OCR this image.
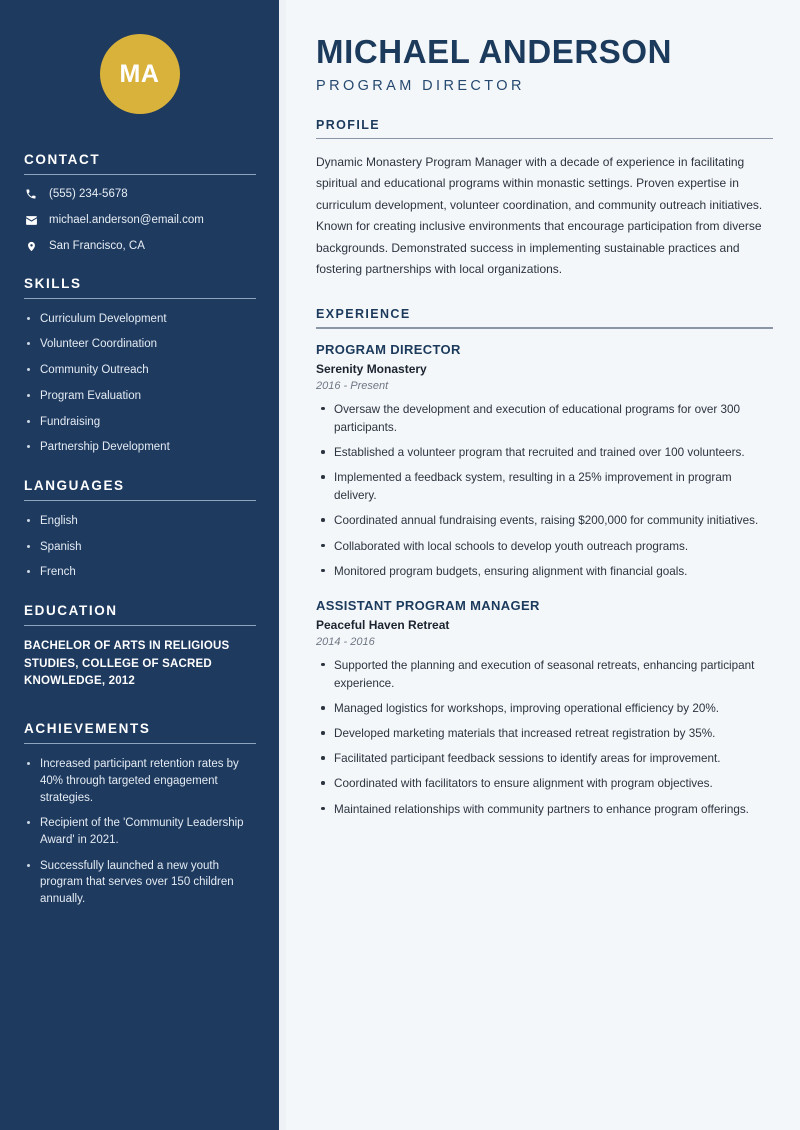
MA
CONTACT
(555) 234-5678
michael.anderson@email.com
San Francisco, CA
SKILLS
Curriculum Development
Volunteer Coordination
Community Outreach
Program Evaluation
Fundraising
Partnership Development
LANGUAGES
English
Spanish
French
EDUCATION
BACHELOR OF ARTS IN RELIGIOUS STUDIES, COLLEGE OF SACRED KNOWLEDGE, 2012
ACHIEVEMENTS
Increased participant retention rates by 40% through targeted engagement strategies.
Recipient of the 'Community Leadership Award' in 2021.
Successfully launched a new youth program that serves over 150 children annually.
MICHAEL ANDERSON
PROGRAM DIRECTOR
PROFILE

Dynamic Monastery Program Manager with a decade of experience in facilitating spiritual and educational programs within monastic settings. Proven expertise in curriculum development, volunteer coordination, and community outreach initiatives. Known for creating inclusive environments that encourage participation from diverse backgrounds. Demonstrated success in implementing sustainable practices and fostering partnerships with local organizations.

EXPERIENCE
PROGRAM DIRECTOR
Serenity Monastery
2016 - Present
Oversaw the development and execution of educational programs for over 300 participants.
Established a volunteer program that recruited and trained over 100 volunteers.
Implemented a feedback system, resulting in a 25% improvement in program delivery.
Coordinated annual fundraising events, raising $200,000 for community initiatives.
Collaborated with local schools to develop youth outreach programs.
Monitored program budgets, ensuring alignment with financial goals.
ASSISTANT PROGRAM MANAGER
Peaceful Haven Retreat
2014 - 2016
Supported the planning and execution of seasonal retreats, enhancing participant experience.
Managed logistics for workshops, improving operational efficiency by 20%.
Developed marketing materials that increased retreat registration by 35%.
Facilitated participant feedback sessions to identify areas for improvement.
Coordinated with facilitators to ensure alignment with program objectives.
Maintained relationships with community partners to enhance program offerings.
